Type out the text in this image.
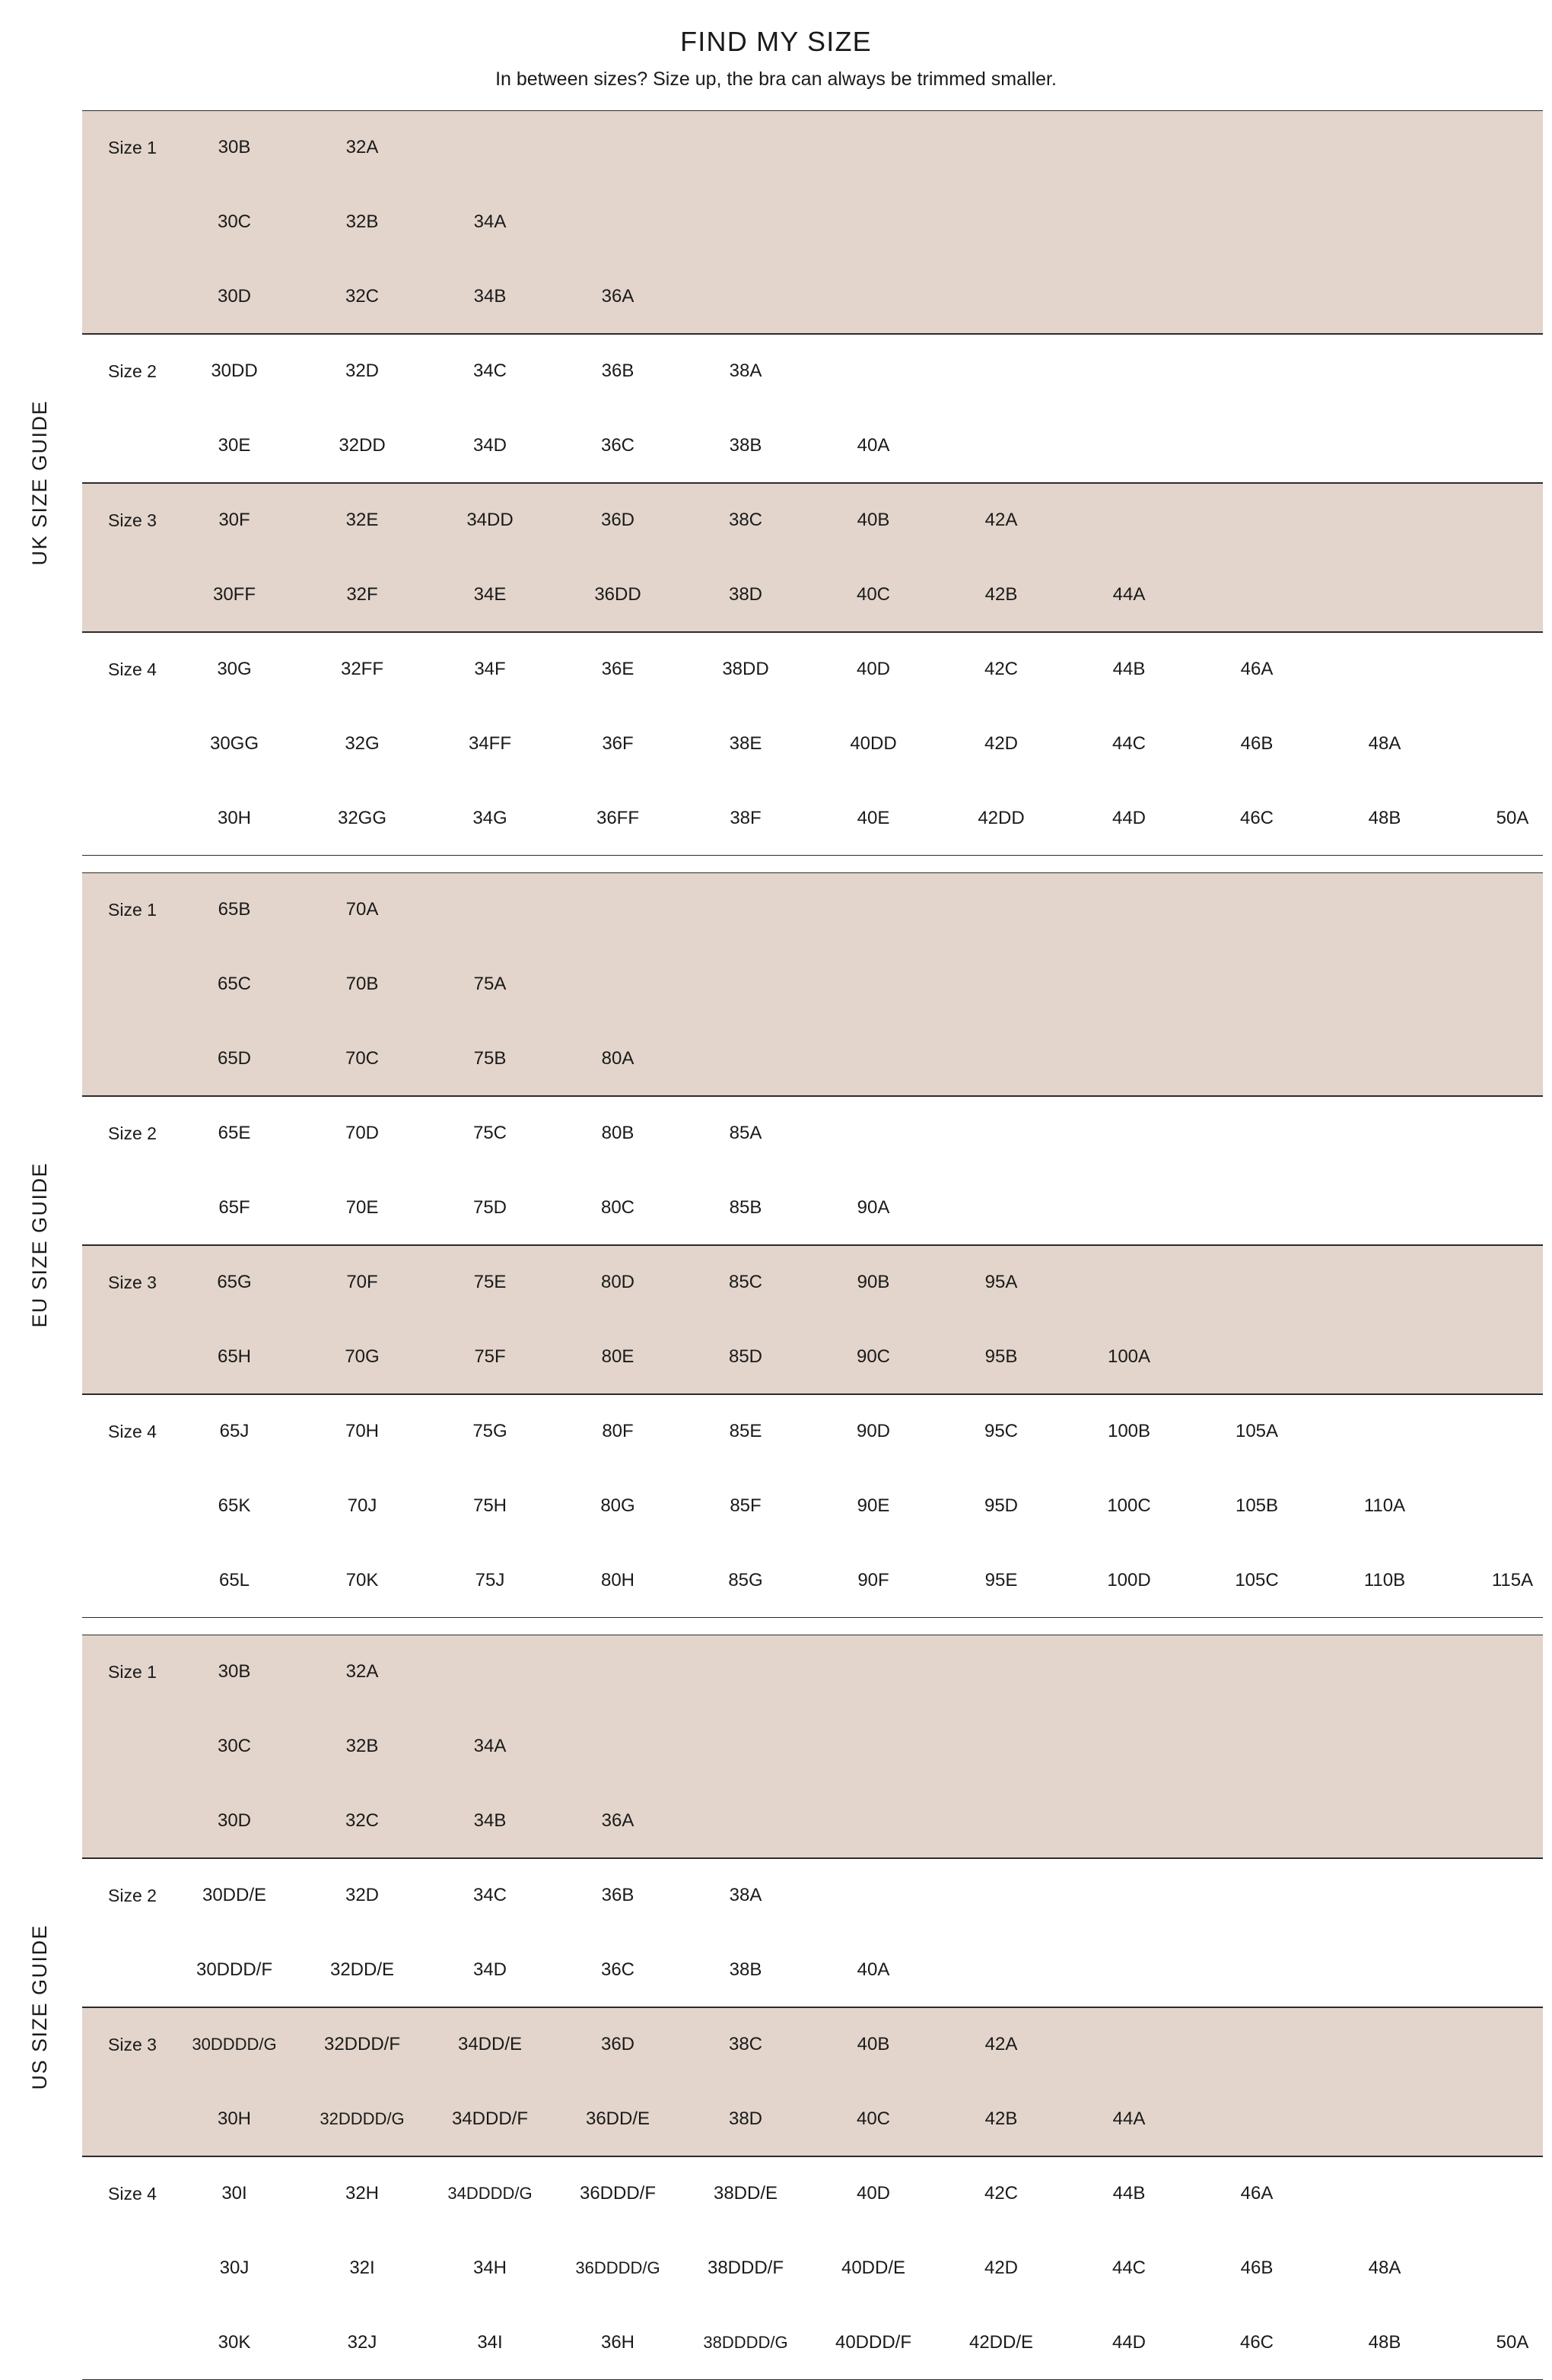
FIND MY SIZE

In between sizes? Size up, the bra can always be trimmed smaller.

UK SIZE GUIDE
Size 1	30B	32A
30C	32B	34A
30D	32C	34B	36A
Size 2	30DD	32D	34C	36B	38A
30E	32DD	34D	36C	38B	40A
Size 3	30F	32E	34DD	36D	38C	40B	42A
30FF	32F	34E	36DD	38D	40C	42B	44A
Size 4	30G	32FF	34F	36E	38DD	40D	42C	44B	46A
30GG	32G	34FF	36F	38E	40DD	42D	44C	46B	48A
30H	32GG	34G	36FF	38F	40E	42DD	44D	46C	48B	50A
EU SIZE GUIDE
Size 1	65B	70A
65C	70B	75A
65D	70C	75B	80A
Size 2	65E	70D	75C	80B	85A
65F	70E	75D	80C	85B	90A
Size 3	65G	70F	75E	80D	85C	90B	95A
65H	70G	75F	80E	85D	90C	95B	100A
Size 4	65J	70H	75G	80F	85E	90D	95C	100B	105A
65K	70J	75H	80G	85F	90E	95D	100C	105B	110A
65L	70K	75J	80H	85G	90F	95E	100D	105C	110B	115A
US SIZE GUIDE
Size 1	30B	32A
30C	32B	34A
30D	32C	34B	36A
Size 2	30DD/E	32D	34C	36B	38A
30DDD/F	32DD/E	34D	36C	38B	40A
Size 3	30DDDD/G	32DDD/F	34DD/E	36D	38C	40B	42A
30H	32DDDD/G	34DDD/F	36DD/E	38D	40C	42B	44A
Size 4	30I	32H	34DDDD/G	36DDD/F	38DD/E	40D	42C	44B	46A
30J	32I	34H	36DDDD/G	38DDD/F	40DD/E	42D	44C	46B	48A
30K	32J	34I	36H	38DDDD/G	40DDD/F	42DD/E	44D	46C	48B	50A
